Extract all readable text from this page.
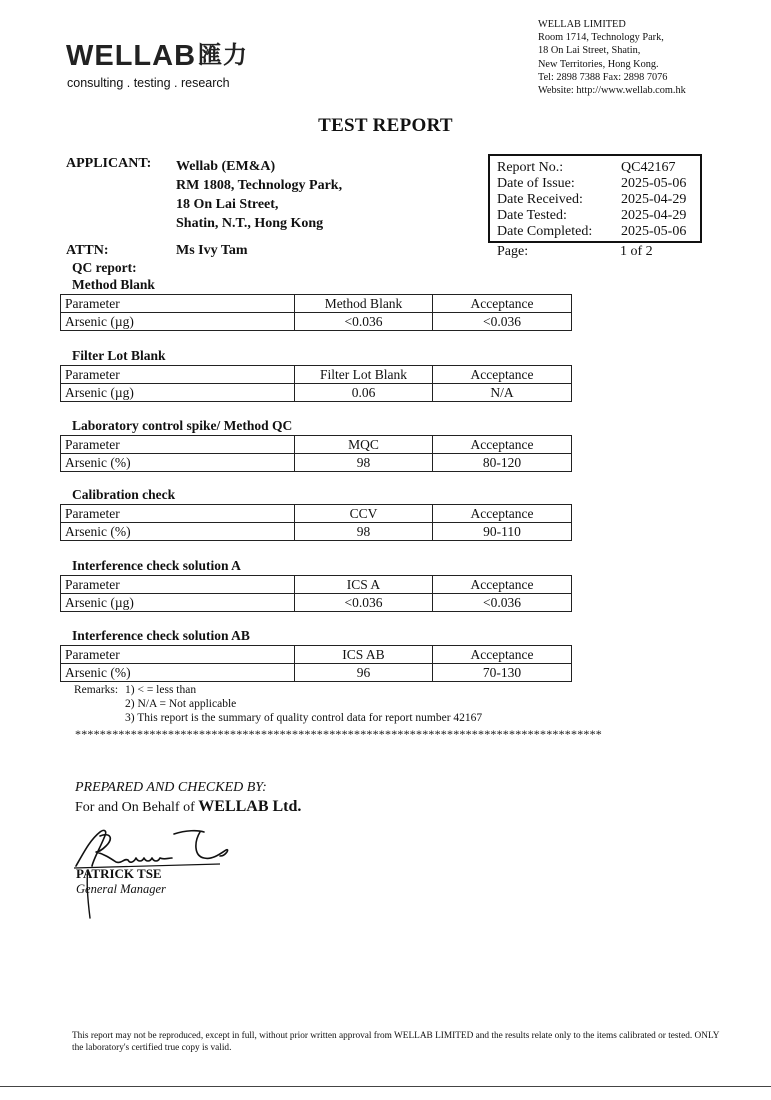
WELLAB匯力
consulting . testing . research
WELLAB LIMITED
Room 1714, Technology Park,
18 On Lai Street, Shatin,
New Territories, Hong Kong.
Tel: 2898 7388 Fax: 2898 7076
Website: http://www.wellab.com.hk
TEST REPORT
APPLICANT: Wellab (EM&A)
RM 1808, Technology Park,
18 On Lai Street,
Shatin, N.T., Hong Kong
Report No.:	QC42167
Date of Issue:	2025-05-06
Date Received:	2025-04-29
Date Tested:	2025-04-29
Date Completed: 2025-05-06
Page:	1 of 2
ATTN:	Ms Ivy Tam
QC report:
Method Blank
Parameter	Method Blank	Acceptance
Arsenic (µg)	<0.036	<0.036
Filter Lot Blank
Parameter	Filter Lot Blank	Acceptance
Arsenic (µg)	0.06	N/A
Laboratory control spike/ Method QC
Parameter	MQC	Acceptance
Arsenic (%)	98	80-120
Calibration check
Parameter	CCV	Acceptance
Arsenic (%)	98	90-110
Interference check solution A
Parameter	ICS A	Acceptance
Arsenic (µg)	<0.036	<0.036
Interference check solution AB
Parameter	ICS AB	Acceptance
Arsenic (%)	96	70-130
Remarks: 1) < = less than
2) N/A = Not applicable
3) This report is the summary of quality control data for report number 42167
*************************************************************************************
PREPARED AND CHECKED BY:
For and On Behalf of WELLAB Ltd.
PATRICK TSE
General Manager
This report may not be reproduced, except in full, without prior written approval from WELLAB LIMITED and the results relate only to the items calibrated or tested. ONLY the laboratory's certified true copy is valid.
